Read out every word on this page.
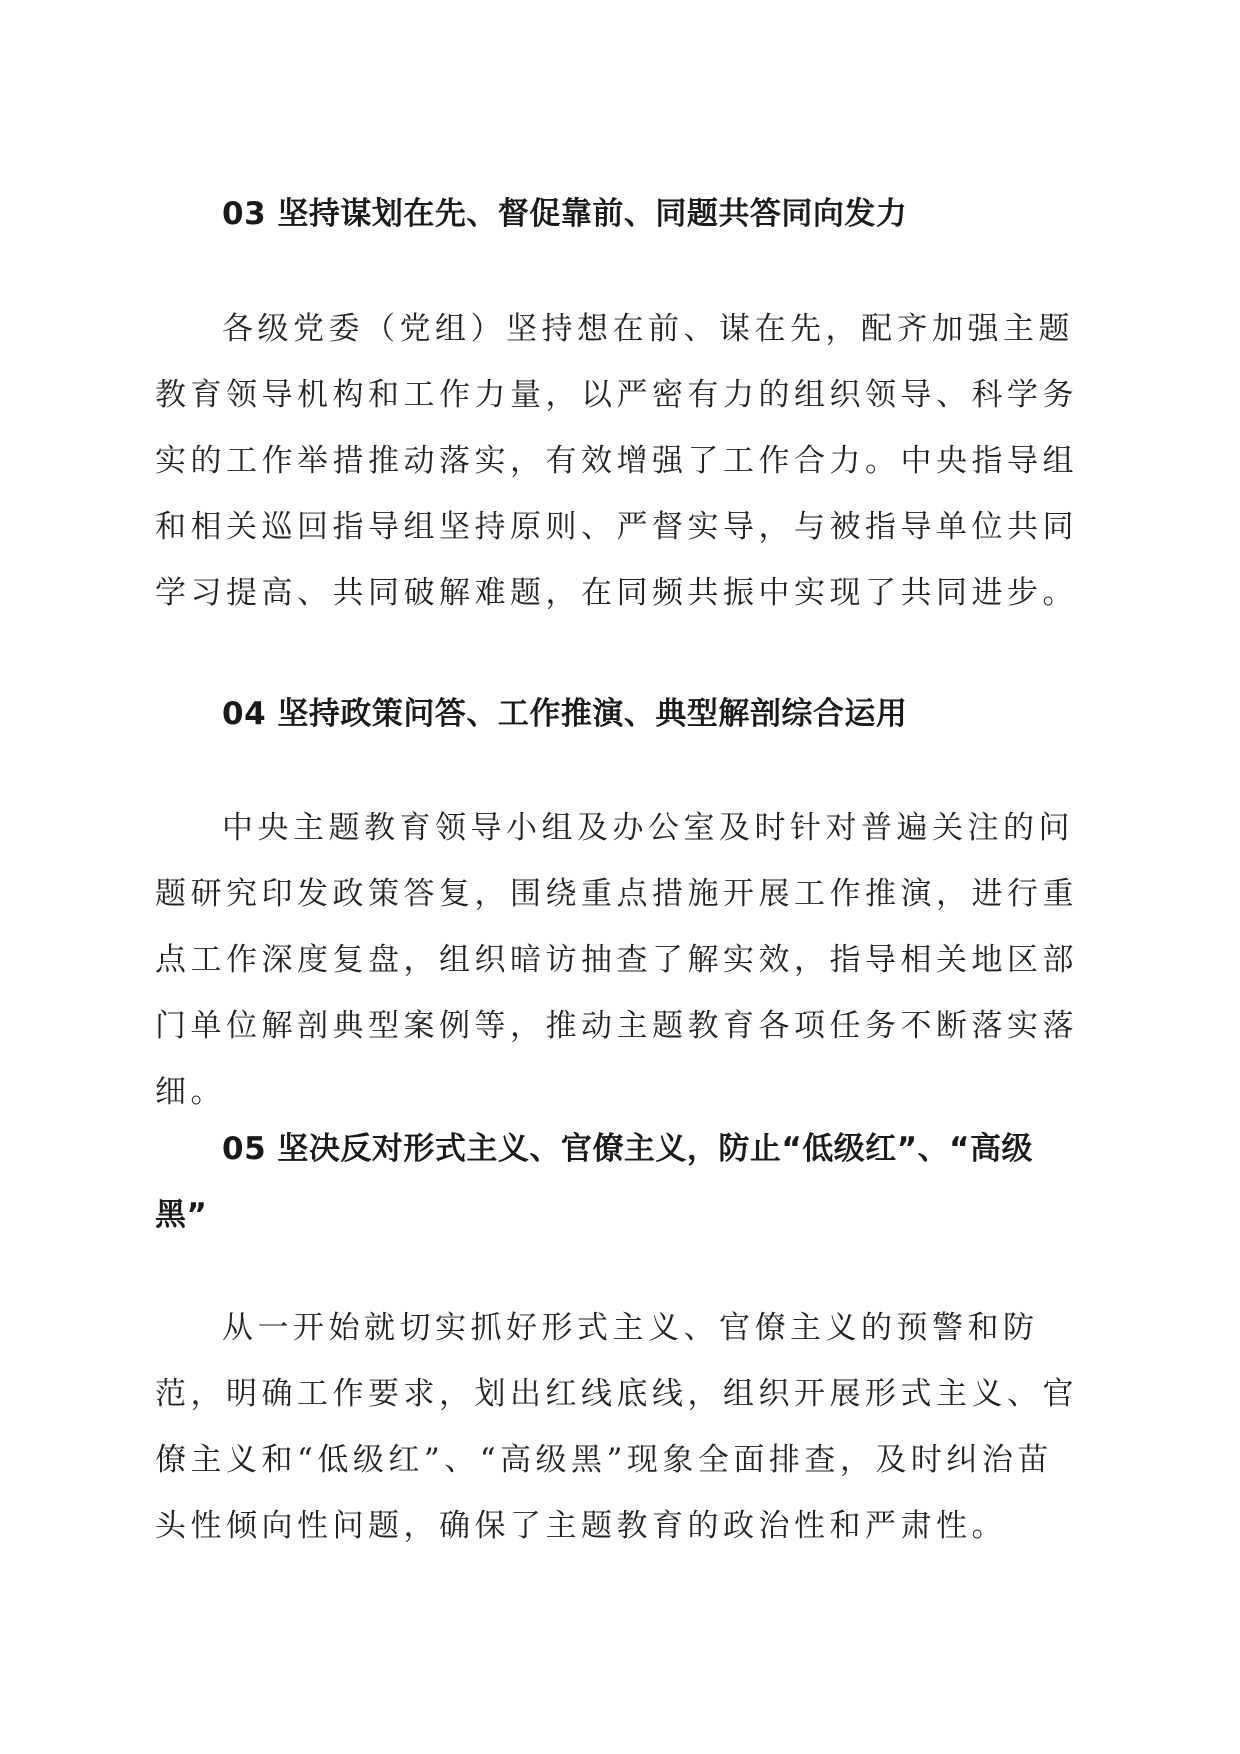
03 坚持谋划在先、督促靠前、同题共答同向发力

各级党委（党组）坚持想在前、谋在先，配齐加强主题教育领导机构和工作力量，以严密有力的组织领导、科学务实的工作举措推动落实，有效增强了工作合力。中央指导组和相关巡回指导组坚持原则、严督实导，与被指导单位共同学习提高、共同破解难题，在同频共振中实现了共同进步。

04 坚持政策问答、工作推演、典型解剖综合运用

中央主题教育领导小组及办公室及时针对普遍关注的问题研究印发政策答复，围绕重点措施开展工作推演，进行重点工作深度复盘，组织暗访抽查了解实效，指导相关地区部门单位解剖典型案例等，推动主题教育各项任务不断落实落细。

05 坚决反对形式主义、官僚主义，防止“低级红”、“高级黑”

从一开始就切实抓好形式主义、官僚主义的预警和防范，明确工作要求，划出红线底线，组织开展形式主义、官僚主义和“低级红”、“高级黑”现象全面排查，及时纠治苗头性倾向性问题，确保了主题教育的政治性和严肃性。
